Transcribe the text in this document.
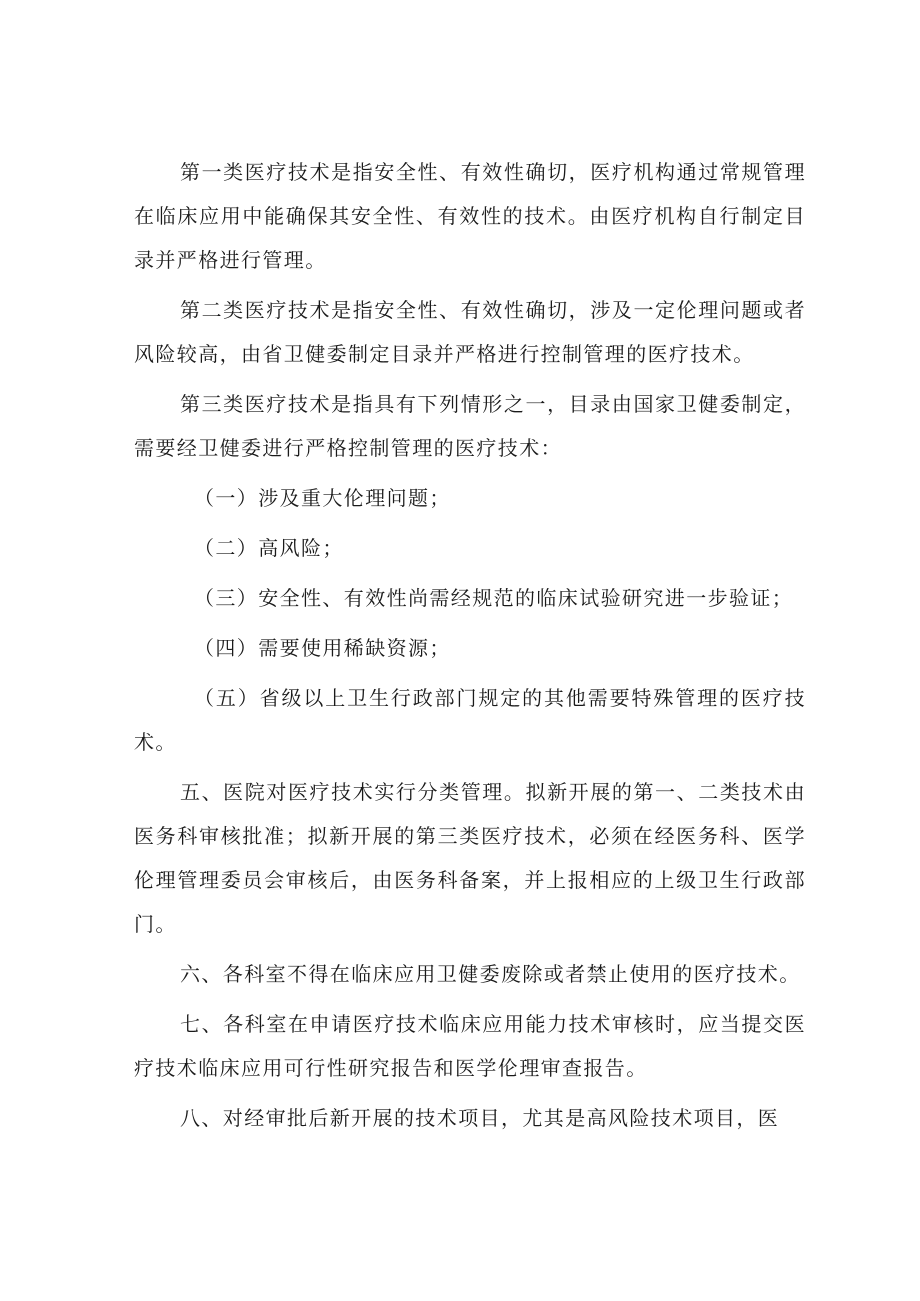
第一类医疗技术是指安全性、有效性确切，医疗机构通过常规管理在临床应用中能确保其安全性、有效性的技术。由医疗机构自行制定目录并严格进行管理。

第二类医疗技术是指安全性、有效性确切，涉及一定伦理问题或者风险较高，由省卫健委制定目录并严格进行控制管理的医疗技术。

第三类医疗技术是指具有下列情形之一，目录由国家卫健委制定，需要经卫健委进行严格控制管理的医疗技术：

（一）涉及重大伦理问题；

（二）高风险；

（三）安全性、有效性尚需经规范的临床试验研究进一步验证；

（四）需要使用稀缺资源；

（五）省级以上卫生行政部门规定的其他需要特殊管理的医疗技术。

五、医院对医疗技术实行分类管理。拟新开展的第一、二类技术由医务科审核批准；拟新开展的第三类医疗技术，必须在经医务科、医学伦理管理委员会审核后，由医务科备案，并上报相应的上级卫生行政部门。

六、各科室不得在临床应用卫健委废除或者禁止使用的医疗技术。

七、各科室在申请医疗技术临床应用能力技术审核时，应当提交医疗技术临床应用可行性研究报告和医学伦理审查报告。

八、对经审批后新开展的技术项目，尤其是高风险技术项目，医
